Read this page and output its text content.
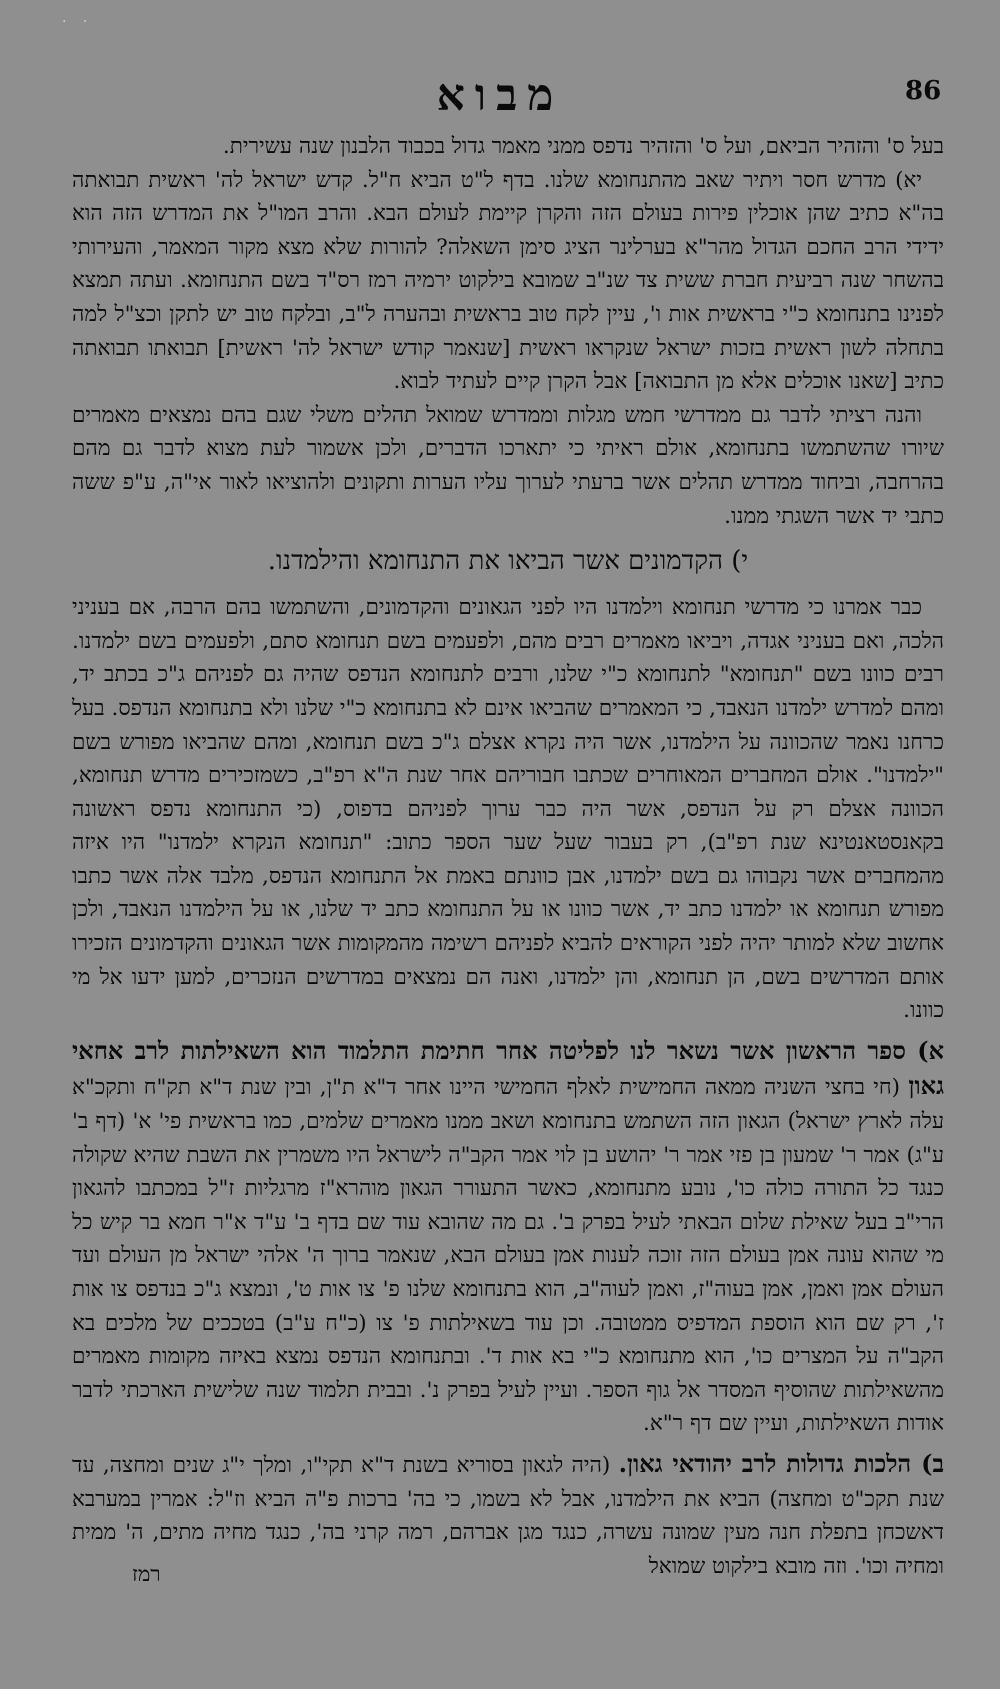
· ·
מבוא	86

בעל ס' והזהיר הביאם, ועל ס' והזהיר נדפס ממני מאמר גדול בכבוד הלבנון שנה עשירית.

יא) מדרש חסר ויתיר שאב מהתנחומא שלנו. בדף ל"ט הביא ח"ל. קדש ישראל לה' ראשית תבואתה בה"א כתיב שהן אוכלין פירות בעולם הזה והקרן קיימת לעולם הבא. והרב המו"ל את המדרש הזה הוא ידידי הרב החכם הגדול מהר"א בערלינר הציג סימן השאלה? להורות שלא מצא מקור המאמר, והעירותי בהשחר שנה רביעית חברת ששית צד שנ"ב שמובא בילקוט ירמיה רמז רס"ד בשם התנחומא. ועתה תמצא לפנינו בתנחומא כ"י בראשית אות ו', עיין לקח טוב בראשית ובהערה ל"ב, ובלקח טוב יש לתקן וכצ"ל למה בתחלה לשון ראשית בזכות ישראל שנקראו ראשית [שנאמר קודש ישראל לה' ראשית] תבואתו תבואתה כתיב [שאנו אוכלים אלא מן התבואה] אבל הקרן קיים לעתיד לבוא.

והנה רציתי לדבר גם ממדרשי חמש מגלות וממדרש שמואל תהלים משלי שגם בהם נמצאים מאמרים שיורו שהשתמשו בתנחומא, אולם ראיתי כי יתארכו הדברים, ולכן אשמור לעת מצוא לדבר גם מהם בהרחבה, וביחוד ממדרש תהלים אשר ברעתי לערוך עליו הערות ותקונים ולהוציאו לאור אי"ה, ע"פ ששה כתבי יד אשר השגתי ממנו.

י) הקדמונים אשר הביאו את התנחומא והילמדנו.

כבר אמרנו כי מדרשי תנחומא וילמדנו היו לפני הגאונים והקדמונים, והשתמשו בהם הרבה, אם בעניני הלכה, ואם בעניני אגדה, ויביאו מאמרים רבים מהם, ולפעמים בשם תנחומא סתם, ולפעמים בשם ילמדנו. רבים כוונו בשם "תנחומא" לתנחומא כ"י שלנו, ורבים לתנחומא הנדפס שהיה גם לפניהם ג"כ בכתב יד, ומהם למדרש ילמדנו הנאבד, כי המאמרים שהביאו אינם לא בתנחומא כ"י שלנו ולא בתנחומא הנדפס. בעל כרחנו נאמר שהכוונה על הילמדנו, אשר היה נקרא אצלם ג"כ בשם תנחומא, ומהם שהביאו מפורש בשם "ילמדנו". אולם המחברים המאוחרים שכתבו חבוריהם אחר שנת ה"א רפ"ב, כשמזכירים מדרש תנחומא, הכוונה אצלם רק על הנדפס, אשר היה כבר ערוך לפניהם בדפוס, (כי התנחומא נדפס ראשונה בקאנסטאנטינא שנת רפ"ב), רק בעבור שעל שער הספר כתוב: "תנחומא הנקרא ילמדנו" היו איזה מהמחברים אשר נקבוהו גם בשם ילמדנו, אבן כוונתם באמת אל התנחומא הנדפס, מלבד אלה אשר כתבו מפורש תנחומא או ילמדנו כתב יד, אשר כוונו או על התנחומא כתב יד שלנו, או על הילמדנו הנאבד, ולכן אחשוב שלא למותר יהיה לפני הקוראים להביא לפניהם רשימה מהמקומות אשר הגאונים והקדמונים הזכירו אותם המדרשים בשם, הן תנחומא, והן ילמדנו, ואנה הם נמצאים במדרשים הנזכרים, למען ידעו אל מי כוונו.

א) ספר הראשון אשר נשאר לנו לפליטה אחר חתימת התלמוד הוא השאילתות לרב אחאי גאון (חי בחצי השניה ממאה החמישית לאלף החמישי היינו אחר ד"א ת"ן, ובין שנת ד"א תק"ח ותקכ"א עלה לארץ ישראל) הגאון הזה השתמש בתנחומא ושאב ממנו מאמרים שלמים, כמו בראשית פי' א' (דף ב' ע"ג) אמר ר' שמעון בן פזי אמר ר' יהושע בן לוי אמר הקב"ה לישראל היו משמרין את השבת שהיא שקולה כנגד כל התורה כולה כו', נובע מתנחומא, כאשר התעורר הגאון מוהרא"ז מרגליות ז"ל במכתבו להגאון הרי"ב בעל שאילת שלום הבאתי לעיל בפרק ב'. גם מה שהובא עוד שם בדף ב' ע"ד א"ר חמא בר קיש כל מי שהוא עונה אמן בעולם הזה זוכה לענות אמן בעולם הבא, שנאמר ברוך ה' אלהי ישראל מן העולם ועד העולם אמן ואמן, אמן בעוה"ז, ואמן לעוה"ב, הוא בתנחומא שלנו פ' צו אות ט', ונמצא ג"כ בנדפס צו אות ז', רק שם הוא הוספת המדפיס ממטובה. וכן עוד בשאילתות פ' צו (כ"ח ע"ב) בטככים של מלכים בא הקב"ה על המצרים כו', הוא מתנחומא כ"י בא אות ד'. ובתנחומא הנדפס נמצא באיזה מקומות מאמרים מהשאילתות שהוסיף המסדר אל גוף הספר. ועיין לעיל בפרק נ'. ובבית תלמוד שנה שלישית הארכתי לדבר אודות השאילתות, ועיין שם דף ר"א.

ב) הלכות גדולות לרב יהודאי גאון. (היה לגאון בסוריא בשנת ד"א תקי"ו, ומלך י"ג שנים ומחצה, עד שנת תקכ"ט ומחצה) הביא את הילמדנו, אבל לא בשמו, כי בה' ברכות פ"ה הביא וז"ל: אמרין במערבא דאשכחן בתפלת חנה מעין שמונה עשרה, כנגד מגן אברהם, רמה קרני בה', כנגד מחיה מתים, ה' ממית ומחיה וכו'. וזה מובא בילקוט שמואל

רמז
